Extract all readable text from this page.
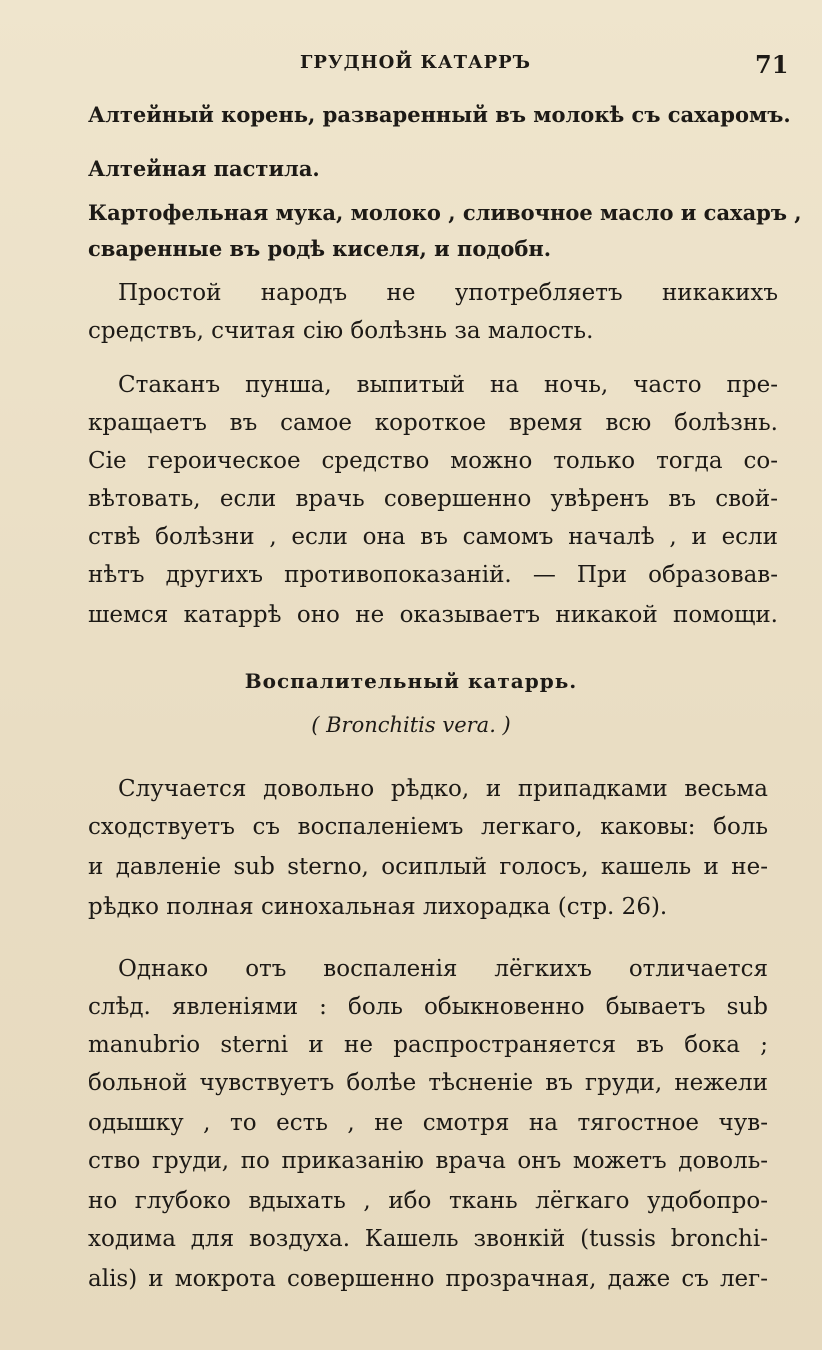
ГРУДНОЙ КАТАРРЪ	71
Алтейный корень, разваренный въ молокѣ съ сахаромъ.
Алтейная пастила.
Картофельная мука, молоко , сливочное масло и сахаръ ,
сваренные въ родѣ киселя, и подобн.
Простой народъ не употребляетъ никакихъ
средствъ, считая сію болѣзнь за малость.
Стаканъ пунша, выпитый на ночь, часто пре-
кращаетъ въ самое короткое время всю болѣзнь.
Сіе героическое средство можно только тогда со-
вѣтовать, если врачь совершенно увѣренъ въ свой-
ствѣ болѣзни , если она въ самомъ началѣ , и если
нѣтъ другихъ противопоказаній. — При образовав-
шемся катаррѣ оно не оказываетъ никакой помощи.
Воспалительный катаррь.
( Bronchitis vera. )
Случается довольно рѣдко, и припадками весьма
сходствуетъ съ воспаленіемъ легкаго, каковы: боль
и давленіе sub sterno, осиплый голосъ, кашель и не-
рѣдко полная синохальная лихорадка (стр. 26).
Однако отъ воспаленія лёгкихъ отличается
слѣд. явленіями : боль обыкновенно бываетъ sub
manubrio sterni и не распространяется въ бока ;
больной чувствуетъ болѣе тѣсненіе въ груди, нежели
одышку , то есть , не смотря на тягостное чув-
ство груди, по приказанію врача онъ можетъ доволь-
но глубоко вдыхать , ибо ткань лёгкаго удобопро-
ходима для воздуха. Кашель звонкій (tussis bronchi-
alis) и мокрота совершенно прозрачная, даже съ лег-
